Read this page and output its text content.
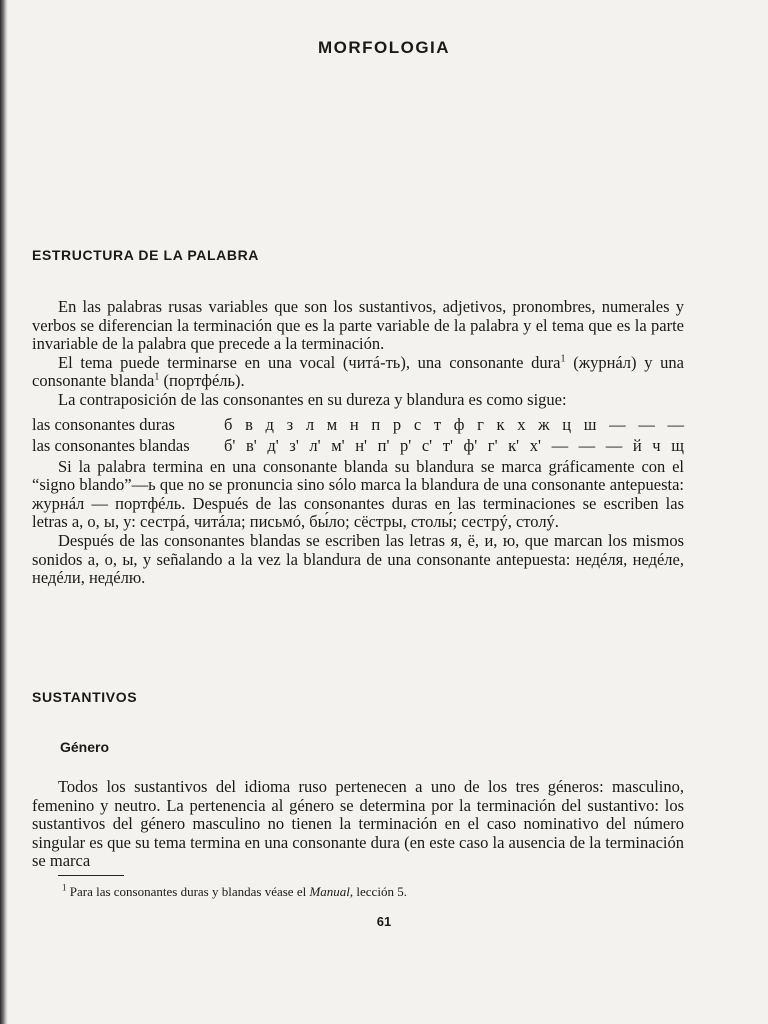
MORFOLOGIA
ESTRUCTURA DE LA PALABRA

En las palabras rusas variables que son los sustantivos, adjetivos, pronombres, numerales y verbos se diferencian la terminación que es la parte variable de la palabra y el tema que es la parte invariable de la palabra que precede a la terminación.

El tema puede terminarse en una vocal (читá-ть), una consonante dura$^1$ (журнáл) y una consonante blanda$^1$ (портфéль).

La contraposición de las consonantes en su dureza y blandura es como sigue:

las consonantes duras	б в д з л м н п р с т ф г к х ж ц ш — — —
las consonantes blandas	б' в' д' з' л' м' н' п' р' с' т' ф' г' к' х' — — — й ч щ

Si la palabra termina en una consonante blanda su blandura se marca gráficamente con el “signo blando”—ь que no se pronuncia sino sólo marca la blandura de una consonante antepuesta: журнáл — портфéль. Después de las consonantes duras en las terminaciones se escriben las letras а, о, ы, у: сестрá, читáла; письмó, бы́ло; сёстры, столы́; сестрý, столý.

Después de las consonantes blandas se escriben las letras я, ё, и, ю, que marcan los mismos sonidos а, о, ы, y señalando a la vez la blandura de una consonante antepuesta: недéля, недéле, недéли, недéлю.

SUSTANTIVOS
Género

Todos los sustantivos del idioma ruso pertenecen a uno de los tres géneros: masculino, femenino y neutro. La pertenencia al género se determina por la terminación del sustantivo: los sustantivos del género masculino no tienen la terminación en el caso nominativo del número singular es que su tema termina en una consonante dura (en este caso la ausencia de la terminación se marca

$^1$ Para las consonantes duras y blandas véase el Manual, lección 5.
61
